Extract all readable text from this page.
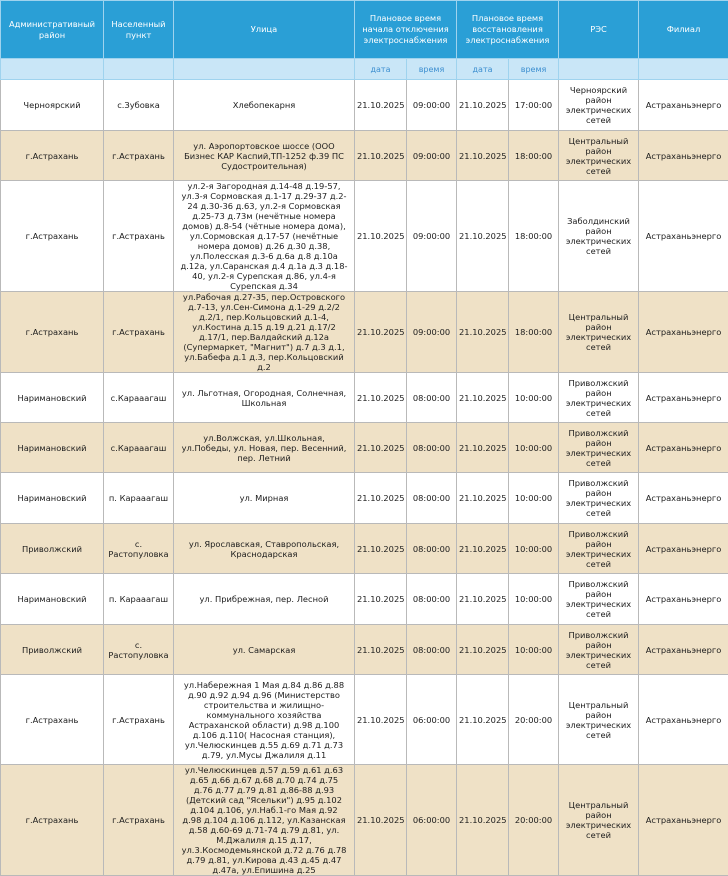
Административный район	Населенный пункт	Улица	Плановое время начала отключения электроснабжения		Плановое время восстановления электроснабжения		РЭС	Филиал
			дата	время	дата	время		
Черноярский	с.Зубовка	Хлебопекарня	21.10.2025	09:00:00	21.10.2025	17:00:00	Черноярский район электрических сетей	Астраханьэнерго
г.Астрахань	г.Астрахань	ул. Аэропортовское шоссе (ООО Бизнес КАР Каспий,ТП-1252 ф.39 ПС Судостроительная)	21.10.2025	09:00:00	21.10.2025	18:00:00	Центральный район электрических сетей	Астраханьэнерго
г.Астрахань	г.Астрахань	ул.2-я Загородная д.14-48 д.19-57, ул.3-я Сормовская д.1-17 д.29-37 д.2-24 д.30-36 д.63, ул.2-я Сормовская д.25-73 д.73м (нечётные номера домов) д.8-54 (чётные номера дома), ул.Сормовская д.17-57 (нечётные номера домов) д.26 д.30 д.38, ул.Полесская д.3-6 д.6а д.8 д.10а д.12а, ул.Саранская д.4 д.1а д.3 д.18-40, ул.2-я Сурепская д.86, ул.4-я Сурепская д.34	21.10.2025	09:00:00	21.10.2025	18:00:00	Заболдинский район электрических сетей	Астраханьэнерго
г.Астрахань	г.Астрахань	ул.Рабочая д.27-35, пер.Островского д.7-13, ул.Сен-Симона д.1-29 д.2/2 д.2/1, пер.Кольцовский д.1-4, ул.Костина д.15 д.19 д.21 д.17/2 д.17/1, пер.Валдайский д.12а (Супермаркет, "Магнит") д.7 д.3 д.1, ул.Бабефа д.1 д.3, пер.Кольцовский д.2	21.10.2025	09:00:00	21.10.2025	18:00:00	Центральный район электрических сетей	Астраханьэнерго
Наримановский	с.Карааагаш	ул. Льготная, Огородная, Солнечная, Школьная	21.10.2025	08:00:00	21.10.2025	10:00:00	Приволжский район электрических сетей	Астраханьэнерго
Наримановский	с.Карааагаш	ул.Волжская, ул.Школьная, ул.Победы, ул. Новая, пер. Весенний, пер. Летний	21.10.2025	08:00:00	21.10.2025	10:00:00	Приволжский район электрических сетей	Астраханьэнерго
Наримановский	п. Карааагаш	ул. Мирная	21.10.2025	08:00:00	21.10.2025	10:00:00	Приволжский район электрических сетей	Астраханьэнерго
Приволжский	с. Растопуловка	ул. Ярославская, Ставропольская, Краснодарская	21.10.2025	08:00:00	21.10.2025	10:00:00	Приволжский район электрических сетей	Астраханьэнерго
Наримановский	п. Карааагаш	ул. Прибрежная, пер. Лесной	21.10.2025	08:00:00	21.10.2025	10:00:00	Приволжский район электрических сетей	Астраханьэнерго
Приволжский	с. Растопуловка	ул. Самарская	21.10.2025	08:00:00	21.10.2025	10:00:00	Приволжский район электрических сетей	Астраханьэнерго
г.Астрахань	г.Астрахань	ул.Набережная 1 Мая д.84 д.86 д.88 д.90 д.92 д.94 д.96 (Министерство строительства и жилищно-коммунального хозяйства Астраханской области) д.98 д.100 д.106 д.110( Насосная станция), ул.Челюскинцев д.55 д.69 д.71 д.73 д.79, ул.Мусы Джалиля д.11	21.10.2025	06:00:00	21.10.2025	20:00:00	Центральный район электрических сетей	Астраханьэнерго
г.Астрахань	г.Астрахань	ул.Челюскинцев д.57 д.59 д.61 д.63 д.65 д.66 д.67 д.68 д.70 д.74 д.75 д.76 д.77 д.79 д.81 д.86-88 д.93 (Детский сад "Ясельки") д.95 д.102 д.104 д.106, ул.Наб.1-го Мая д.92 д.98 д.104 д.106 д.112, ул.Казанская д.58 д.60-69 д.71-74 д.79 д.81, ул. М.Джалиля д.15 д.17, ул.3.Космодемьянской д.72 д.76 д.78 д.79 д.81, ул.Кирова д.43 д.45 д.47 д.47а, ул.Епишина д.25	21.10.2025	06:00:00	21.10.2025	20:00:00	Центральный район электрических сетей	Астраханьэнерго
